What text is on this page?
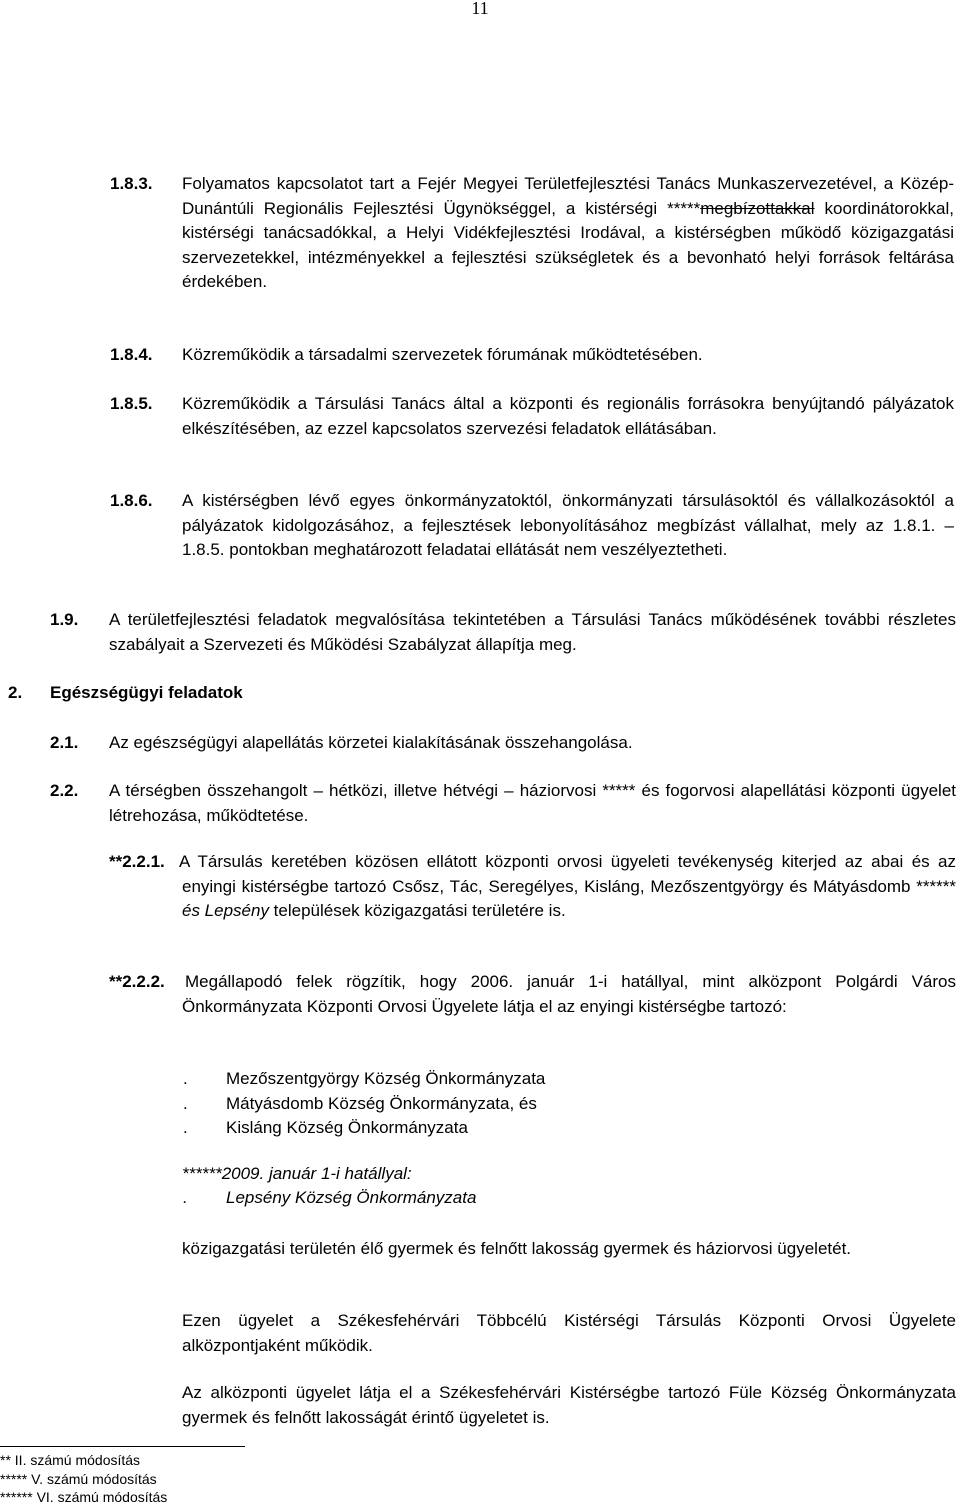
11
1.8.3. Folyamatos kapcsolatot tart a Fejér Megyei Területfejlesztési Tanács Munkaszervezetével, a Közép-Dunántúli Regionális Fejlesztési Ügynökséggel, a kistérségi *****megbízottakkal koordinátorokkal, kistérségi tanácsadókkal, a Helyi Vidékfejlesztési Irodával, a kistérségben működő közigazgatási szervezetekkel, intézményekkel a fejlesztési szükségletek és a bevonható helyi források feltárása érdekében.
1.8.4. Közreműködik a társadalmi szervezetek fórumának működtetésében.
1.8.5. Közreműködik a Társulási Tanács által a központi és regionális forrásokra benyújtandó pályázatok elkészítésében, az ezzel kapcsolatos szervezési feladatok ellátásában.
1.8.6. A kistérségben lévő egyes önkormányzatoktól, önkormányzati társulásoktól és vállalkozásoktól a pályázatok kidolgozásához, a fejlesztések lebonyolításához megbízást vállalhat, mely az 1.8.1. – 1.8.5. pontokban meghatározott feladatai ellátását nem veszélyeztetheti.
1.9. A területfejlesztési feladatok megvalósítása tekintetében a Társulási Tanács működésének további részletes szabályait a Szervezeti és Működési Szabályzat állapítja meg.
2. Egészségügyi feladatok
2.1. Az egészségügyi alapellátás körzetei kialakításának összehangolása.
2.2. A térségben összehangolt – hétközi, illetve hétvégi – háziorvosi ***** és fogorvosi alapellátási központi ügyelet létrehozása, működtetése.
**2.2.1. A Társulás keretében közösen ellátott központi orvosi ügyeleti tevékenység kiterjed az abai és az enyingi kistérségbe tartozó Csősz, Tác, Seregélyes, Kisláng, Mezőszentgyörgy és Mátyásdomb ****** és Lepsény települések közigazgatási területére is.
**2.2.2. Megállapodó felek rögzítik, hogy 2006. január 1-i hatállyal, mint alközpont Polgárdi Város Önkormányzata Központi Orvosi Ügyelete látja el az enyingi kistérségbe tartozó:
. Mezőszentgyörgy Község Önkormányzata
. Mátyásdomb Község Önkormányzata, és
. Kisláng Község Önkormányzata
******2009. január 1-i hatállyal:
. Lepsény Község Önkormányzata
közigazgatási területén élő gyermek és felnőtt lakosság gyermek és háziorvosi ügyeletét.
Ezen ügyelet a Székesfehérvári Többcélú Kistérségi Társulás Központi Orvosi Ügyelete alközpontjaként működik.
Az alközponti ügyelet látja el a Székesfehérvári Kistérségbe tartozó Füle Község Önkormányzata gyermek és felnőtt lakosságát érintő ügyeletet is.
** II. számú módosítás
***** V. számú módosítás
****** VI. számú módosítás
